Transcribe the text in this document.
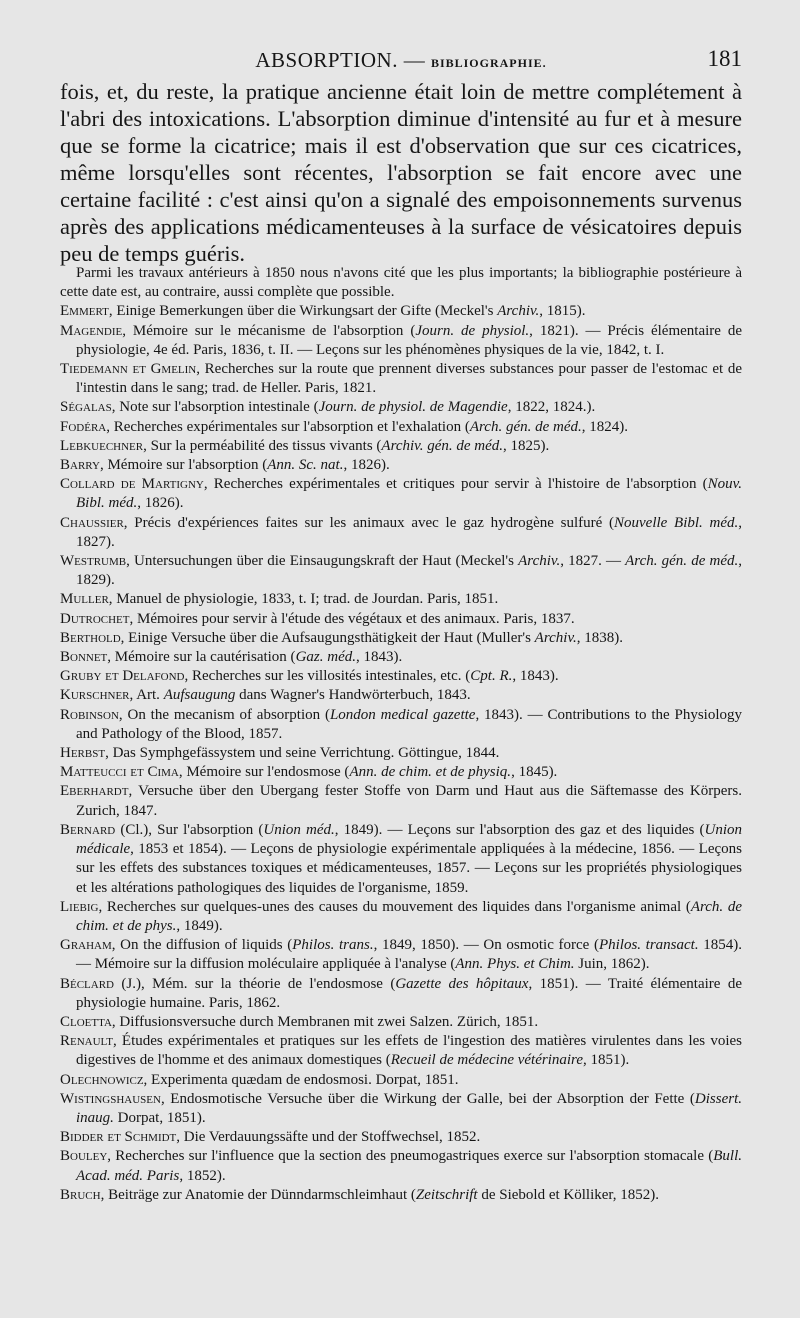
ABSORPTION. — BIBLIOGRAPHIE.	181

fois, et, du reste, la pratique ancienne était loin de mettre complétement à l'abri des intoxications. L'absorption diminue d'intensité au fur et à mesure que se forme la cicatrice; mais il est d'observation que sur ces cicatrices, même lorsqu'elles sont récentes, l'absorption se fait encore avec une certaine facilité : c'est ainsi qu'on a signalé des empoisonnements survenus après des applications médicamenteuses à la surface de vésicatoires depuis peu de temps guéris.

Parmi les travaux antérieurs à 1850 nous n'avons cité que les plus importants; la bibliographie postérieure à cette date est, au contraire, aussi complète que possible.

Emmert, Einige Bemerkungen über die Wirkungsart der Gifte (Meckel's Archiv., 1815).

Magendie, Mémoire sur le mécanisme de l'absorption (Journ. de physiol., 1821). — Précis élémentaire de physiologie, 4e éd. Paris, 1836, t. II. — Leçons sur les phénomènes physiques de la vie, 1842, t. I.

Tiedemann et Gmelin, Recherches sur la route que prennent diverses substances pour passer de l'estomac et de l'intestin dans le sang; trad. de Heller. Paris, 1821.

Ségalas, Note sur l'absorption intestinale (Journ. de physiol. de Magendie, 1822, 1824.).

Fodéra, Recherches expérimentales sur l'absorption et l'exhalation (Arch. gén. de méd., 1824).

Lebkuechner, Sur la perméabilité des tissus vivants (Archiv. gén. de méd., 1825).

Barry, Mémoire sur l'absorption (Ann. Sc. nat., 1826).

Collard de Martigny, Recherches expérimentales et critiques pour servir à l'histoire de l'absorption (Nouv. Bibl. méd., 1826).

Chaussier, Précis d'expériences faites sur les animaux avec le gaz hydrogène sulfuré (Nouvelle Bibl. méd., 1827).

Westrumb, Untersuchungen über die Einsaugungskraft der Haut (Meckel's Archiv., 1827. — Arch. gén. de méd., 1829).

Muller, Manuel de physiologie, 1833, t. I; trad. de Jourdan. Paris, 1851.

Dutrochet, Mémoires pour servir à l'étude des végétaux et des animaux. Paris, 1837.

Berthold, Einige Versuche über die Aufsaugungsthätigkeit der Haut (Muller's Archiv., 1838).

Bonnet, Mémoire sur la cautérisation (Gaz. méd., 1843).

Gruby et Delafond, Recherches sur les villosités intestinales, etc. (Cpt. R., 1843).

Kurschner, Art. Aufsaugung dans Wagner's Handwörterbuch, 1843.

Robinson, On the mecanism of absorption (London medical gazette, 1843). — Contributions to the Physiology and Pathology of the Blood, 1857.

Herbst, Das Symphgefässystem und seine Verrichtung. Göttingue, 1844.

Matteucci et Cima, Mémoire sur l'endosmose (Ann. de chim. et de physiq., 1845).

Eberhardt, Versuche über den Ubergang fester Stoffe von Darm und Haut aus die Säftemasse des Körpers. Zurich, 1847.

Bernard (Cl.), Sur l'absorption (Union méd., 1849). — Leçons sur l'absorption des gaz et des liquides (Union médicale, 1853 et 1854). — Leçons de physiologie expérimentale appliquées à la médecine, 1856. — Leçons sur les effets des substances toxiques et médicamenteuses, 1857. — Leçons sur les propriétés physiologiques et les altérations pathologiques des liquides de l'organisme, 1859.

Liebig, Recherches sur quelques-unes des causes du mouvement des liquides dans l'organisme animal (Arch. de chim. et de phys., 1849).

Graham, On the diffusion of liquids (Philos. trans., 1849, 1850). — On osmotic force (Philos. transact. 1854). — Mémoire sur la diffusion moléculaire appliquée à l'analyse (Ann. Phys. et Chim. Juin, 1862).

Béclard (J.), Mém. sur la théorie de l'endosmose (Gazette des hôpitaux, 1851). — Traité élémentaire de physiologie humaine. Paris, 1862.

Cloetta, Diffusionsversuche durch Membranen mit zwei Salzen. Zürich, 1851.

Renault, Études expérimentales et pratiques sur les effets de l'ingestion des matières virulentes dans les voies digestives de l'homme et des animaux domestiques (Recueil de médecine vétérinaire, 1851).

Olechnowicz, Experimenta quædam de endosmosi. Dorpat, 1851.

Wistingshausen, Endosmotische Versuche über die Wirkung der Galle, bei der Absorption der Fette (Dissert. inaug. Dorpat, 1851).

Bidder et Schmidt, Die Verdauungssäfte und der Stoffwechsel, 1852.

Bouley, Recherches sur l'influence que la section des pneumogastriques exerce sur l'absorption stomacale (Bull. Acad. méd. Paris, 1852).

Bruch, Beiträge zur Anatomie der Dünndarmschleimhaut (Zeitschrift de Siebold et Kölliker, 1852).
